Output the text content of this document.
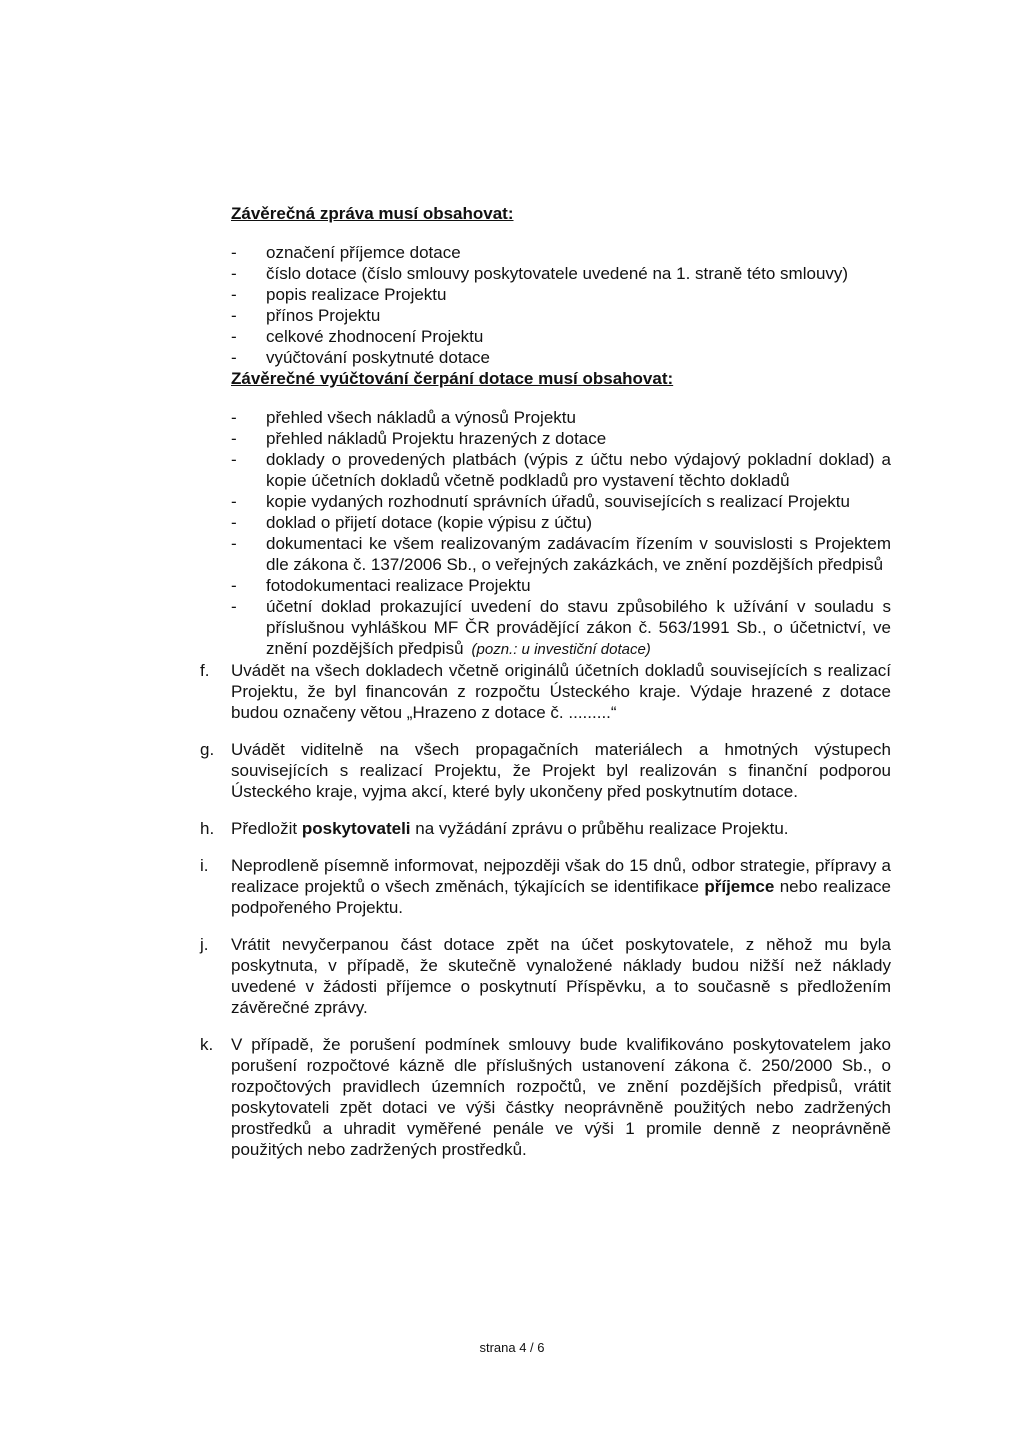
Závěrečná zpráva musí obsahovat:

- označení příjemce dotace
- číslo dotace (číslo smlouvy poskytovatele uvedené na 1. straně této smlouvy)
- popis realizace Projektu
- přínos Projektu
- celkové zhodnocení Projektu
- vyúčtování poskytnuté dotace

Závěrečné vyúčtování čerpání dotace musí obsahovat:

- přehled všech nákladů a výnosů Projektu
- přehled nákladů Projektu hrazených z dotace
- doklady o provedených platbách (výpis z účtu nebo výdajový pokladní doklad) a kopie účetních dokladů včetně podkladů pro vystavení těchto dokladů
- kopie vydaných rozhodnutí správních úřadů, souvisejících s realizací Projektu
- doklad o přijetí dotace (kopie výpisu z účtu)
- dokumentaci ke všem realizovaným zadávacím řízením v souvislosti s Projektem dle zákona č. 137/2006 Sb., o veřejných zakázkách, ve znění pozdějších předpisů
- fotodokumentaci realizace Projektu
- účetní doklad prokazující uvedení do stavu způsobilého k užívání v souladu s příslušnou vyhláškou MF ČR provádějící zákon č. 563/1991 Sb., o účetnictví, ve znění pozdějších předpisů (pozn.: u investiční dotace)
f. Uvádět na všech dokladech včetně originálů účetních dokladů souvisejících s realizací Projektu, že byl financován z rozpočtu Ústeckého kraje. Výdaje hrazené z dotace budou označeny větou „Hrazeno z dotace č. .........“
g. Uvádět viditelně na všech propagačních materiálech a hmotných výstupech souvisejících s realizací Projektu, že Projekt byl realizován s finanční podporou Ústeckého kraje, vyjma akcí, které byly ukončeny před poskytnutím dotace.
h. Předložit poskytovateli na vyžádání zprávu o průběhu realizace Projektu.
i. Neprodleně písemně informovat, nejpozději však do 15 dnů, odbor strategie, přípravy a realizace projektů o všech změnách, týkajících se identifikace příjemce nebo realizace podpořeného Projektu.
j. Vrátit nevyčerpanou část dotace zpět na účet poskytovatele, z něhož mu byla poskytnuta, v případě, že skutečně vynaložené náklady budou nižší než náklady uvedené v žádosti příjemce o poskytnutí Příspěvku, a to současně s předložením závěrečné zprávy.
k. V případě, že porušení podmínek smlouvy bude kvalifikováno poskytovatelem jako porušení rozpočtové kázně dle příslušných ustanovení zákona č. 250/2000 Sb., o rozpočtových pravidlech územních rozpočtů, ve znění pozdějších předpisů, vrátit poskytovateli zpět dotaci ve výši částky neoprávněně použitých nebo zadržených prostředků a uhradit vyměřené penále ve výši 1 promile denně z neoprávněně použitých nebo zadržených prostředků.
strana 4 / 6
